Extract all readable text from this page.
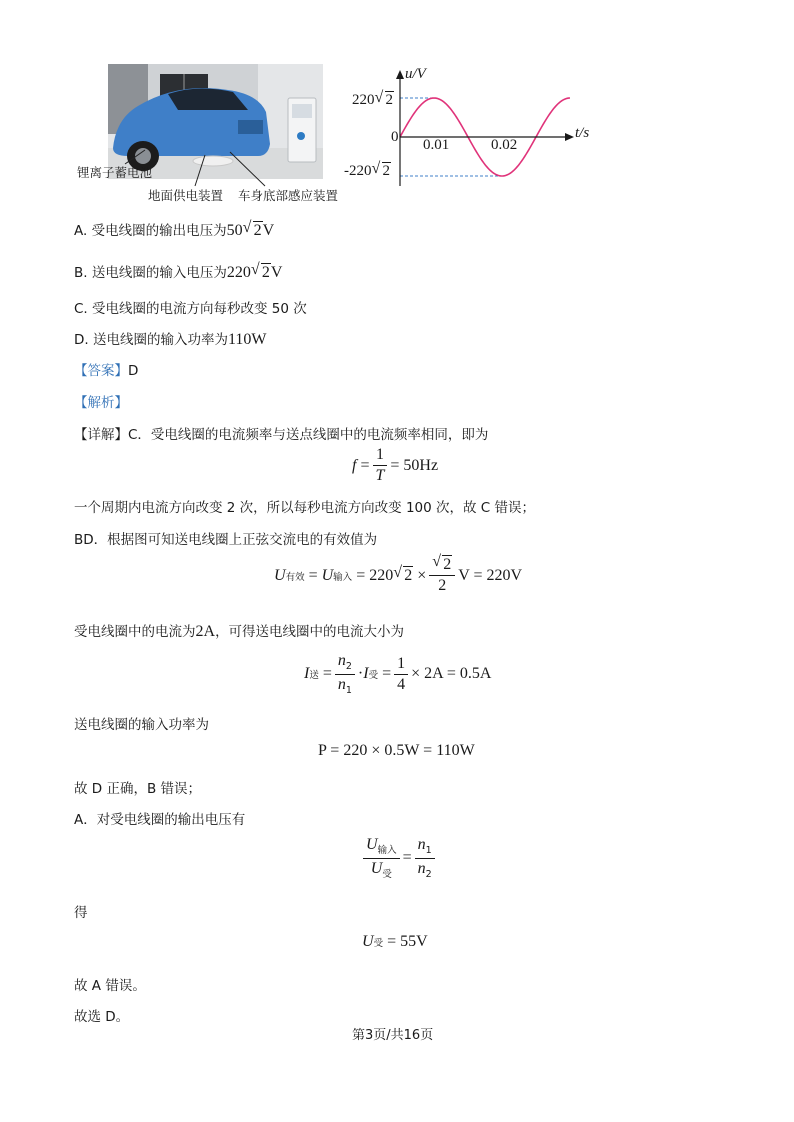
锂离子蓄电池
地面供电装置 车身底部感应装置
u/V
t/s
0
220 √ 2
-220 √ 2
0.01	0.02
A. 受电线圈的输出电压为50 √ 2V
B. 送电线圈的输入电压为220 √ 2V
C. 受电线圈的电流方向每秒改变 50 次
D. 送电线圈的输入功率为110W
【答案】D
【解析】
【详解】C．受电线圈的电流频率与送点线圈中的电流频率相同，即为
$f = \frac{1}{T} = 50Hz$
一个周期内电流方向改变 2 次，所以每秒电流方向改变 100 次，故 C 错误；
BD．根据图可知送电线圈上正弦交流电的有效值为
U 有效 = U 输入
= 220 √ $2 \times \frac{√ 2}{2}$ V = 220V
受电线圈中的电流为2A，可得送电线圈中的电流大小为
I 送 = $\frac{n_2}{n_1} \cdot I$ 受 = $\frac{1}{4} \times 2A = 0.5A$
送电线圈的输入功率为
P = 220 × 0.5W = 110W
故 D 正确，B 错误；
A．对受电线圈的输出电压有
$\frac{U_{输入}}{U_受} = \frac{n_1}{n_2}$
得
U 受
= 55V
故 A 错误。
故选 D。
第3页/共16页
